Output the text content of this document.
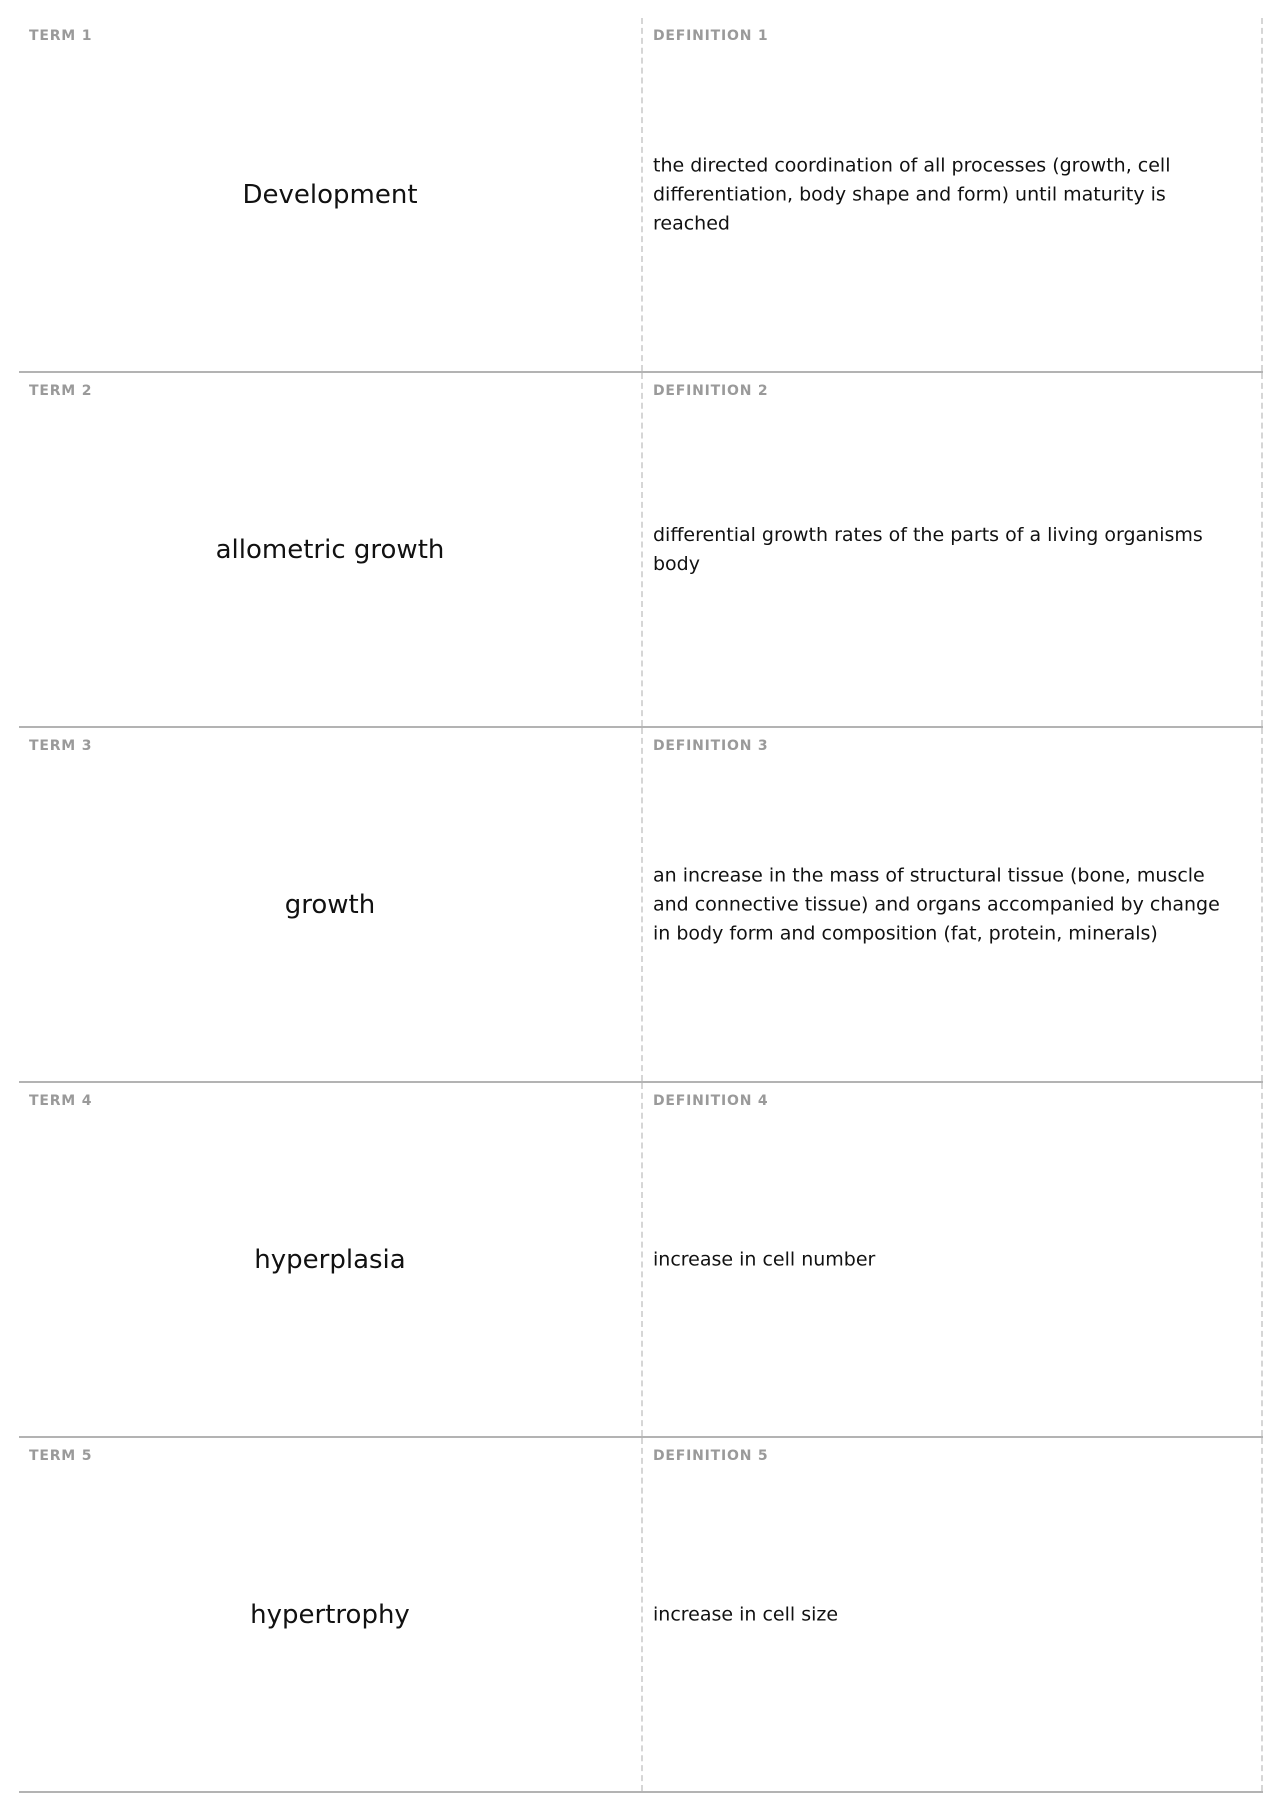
TERM 1
Development
DEFINITION 1
the directed coordination of all processes (growth, cell differentiation, body shape and form) until maturity is reached
TERM 2
allometric growth
DEFINITION 2
differential growth rates of the parts of a living organisms body
TERM 3
growth
DEFINITION 3
an increase in the mass of structural tissue (bone, muscle and connective tissue) and organs accompanied by change in body form and composition (fat, protein, minerals)
TERM 4
hyperplasia
DEFINITION 4
increase in cell number
TERM 5
hypertrophy
DEFINITION 5
increase in cell size
